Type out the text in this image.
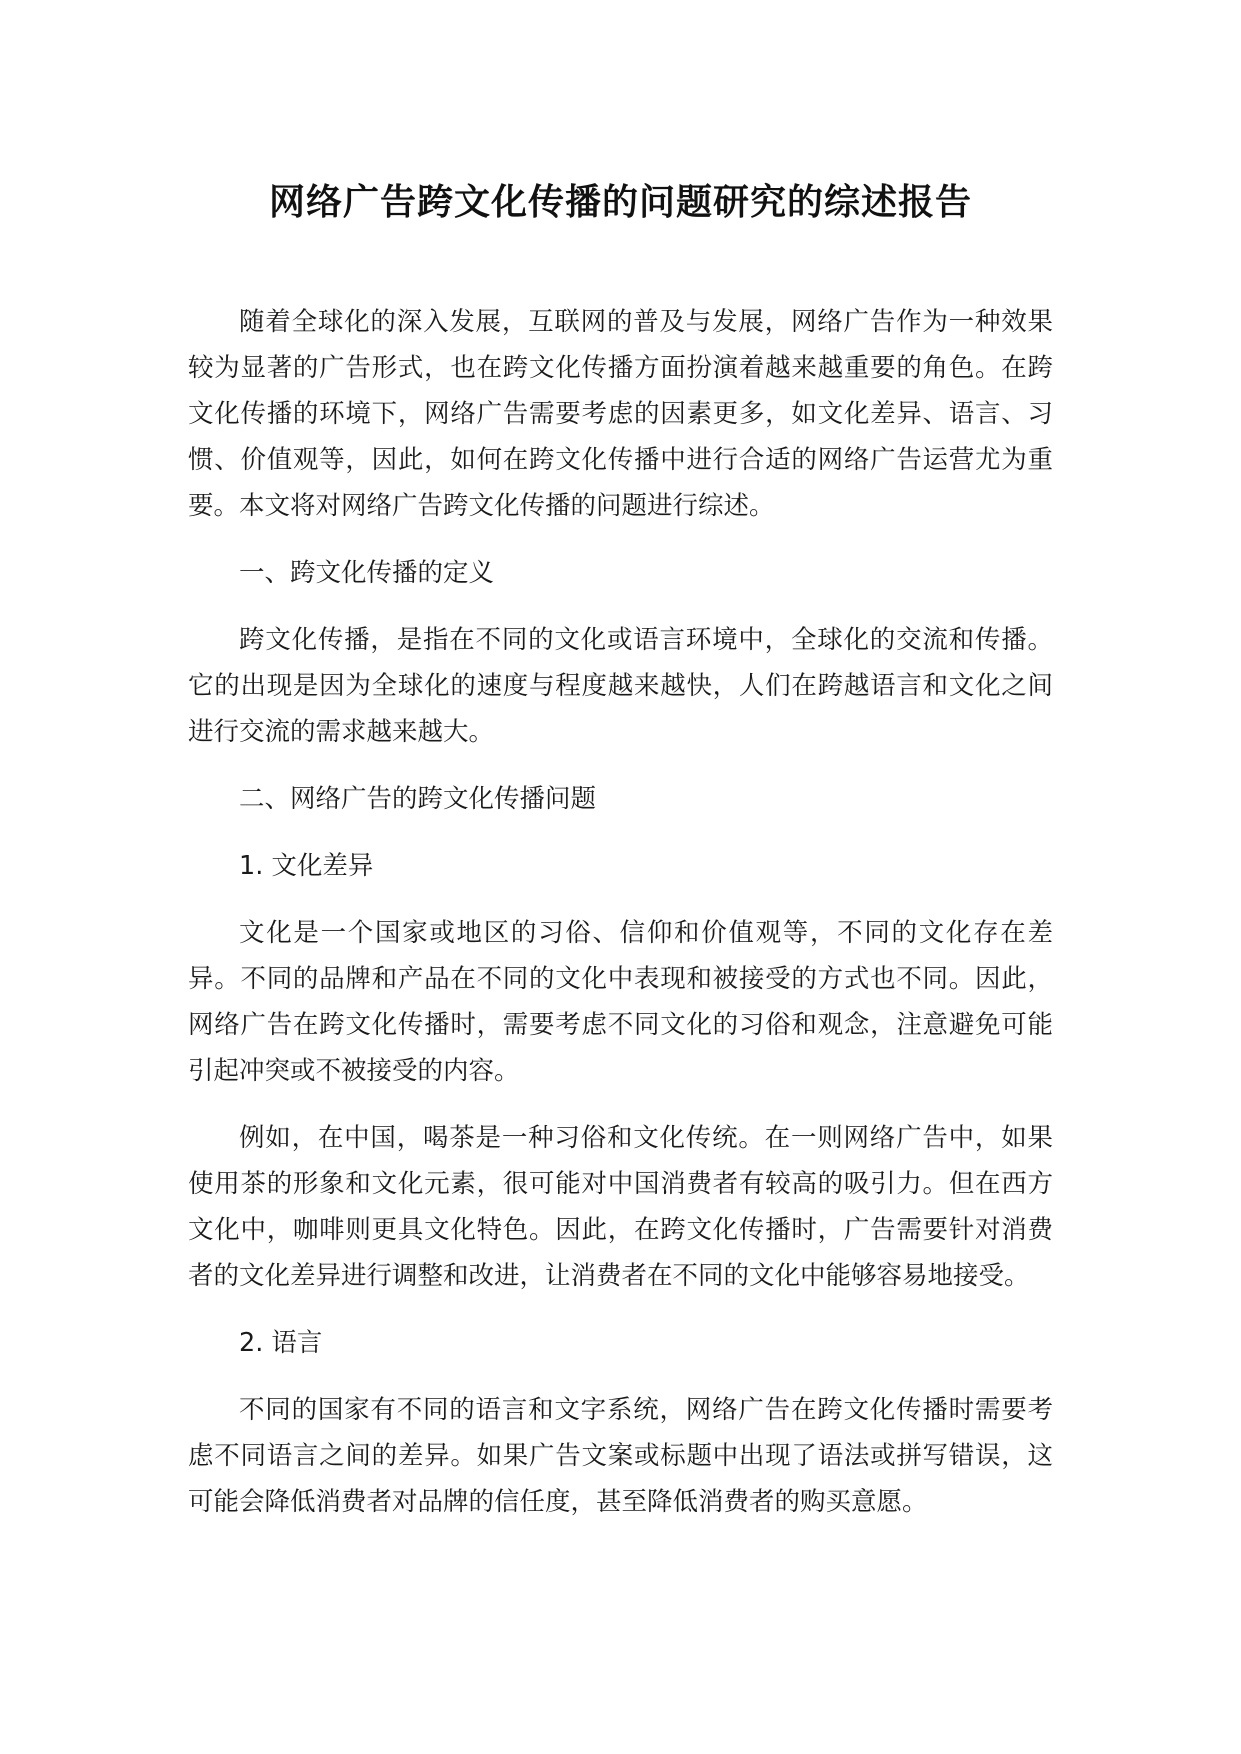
网络广告跨文化传播的问题研究的综述报告

随着全球化的深入发展，互联网的普及与发展，网络广告作为一种效果较为显著的广告形式，也在跨文化传播方面扮演着越来越重要的角色。在跨文化传播的环境下，网络广告需要考虑的因素更多，如文化差异、语言、习惯、价值观等，因此，如何在跨文化传播中进行合适的网络广告运营尤为重要。本文将对网络广告跨文化传播的问题进行综述。

一、跨文化传播的定义

跨文化传播，是指在不同的文化或语言环境中，全球化的交流和传播。它的出现是因为全球化的速度与程度越来越快，人们在跨越语言和文化之间进行交流的需求越来越大。

二、网络广告的跨文化传播问题

1. 文化差异

文化是一个国家或地区的习俗、信仰和价值观等，不同的文化存在差异。不同的品牌和产品在不同的文化中表现和被接受的方式也不同。因此，网络广告在跨文化传播时，需要考虑不同文化的习俗和观念，注意避免可能引起冲突或不被接受的内容。

例如，在中国，喝茶是一种习俗和文化传统。在一则网络广告中，如果使用茶的形象和文化元素，很可能对中国消费者有较高的吸引力。但在西方文化中，咖啡则更具文化特色。因此，在跨文化传播时，广告需要针对消费者的文化差异进行调整和改进，让消费者在不同的文化中能够容易地接受。

2. 语言

不同的国家有不同的语言和文字系统，网络广告在跨文化传播时需要考虑不同语言之间的差异。如果广告文案或标题中出现了语法或拼写错误，这可能会降低消费者对品牌的信任度，甚至降低消费者的购买意愿。
